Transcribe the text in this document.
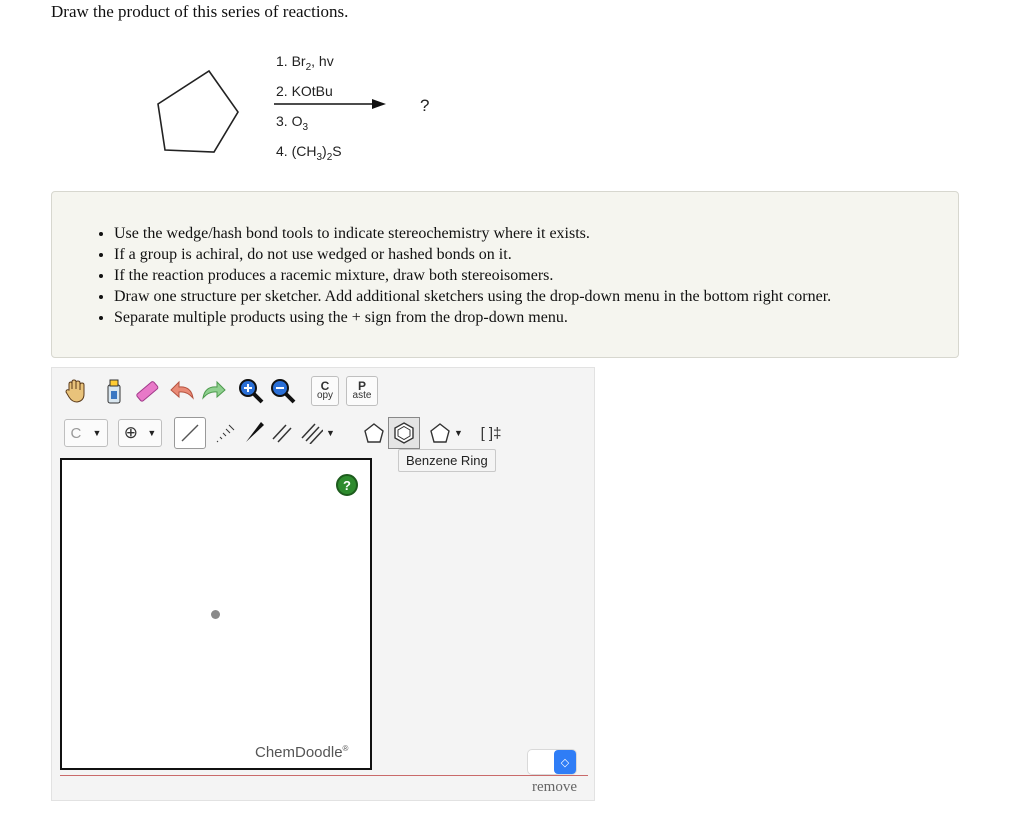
Draw the product of this series of reactions.
1. $Br_2$, hv
2. KOtBu
3. $O_3$
4. $(CH_3)_2S$
?
• Use the wedge/hash bond tools to indicate stereochemistry where it exists.
• If a group is achiral, do not use wedged or hashed bonds on it.
• If the reaction produces a racemic mixture, draw both stereoisomers.
• Draw one structure per sketcher. Add additional sketchers using the drop-down menu in the bottom right corner.
• Separate multiple products using the + sign from the drop-down menu.
C
opy
P
aste
C ▼ ⊕ ▼	▼	▼	[ ]‡
Benzene Ring
?
ChemDoodle®
◇
remove
